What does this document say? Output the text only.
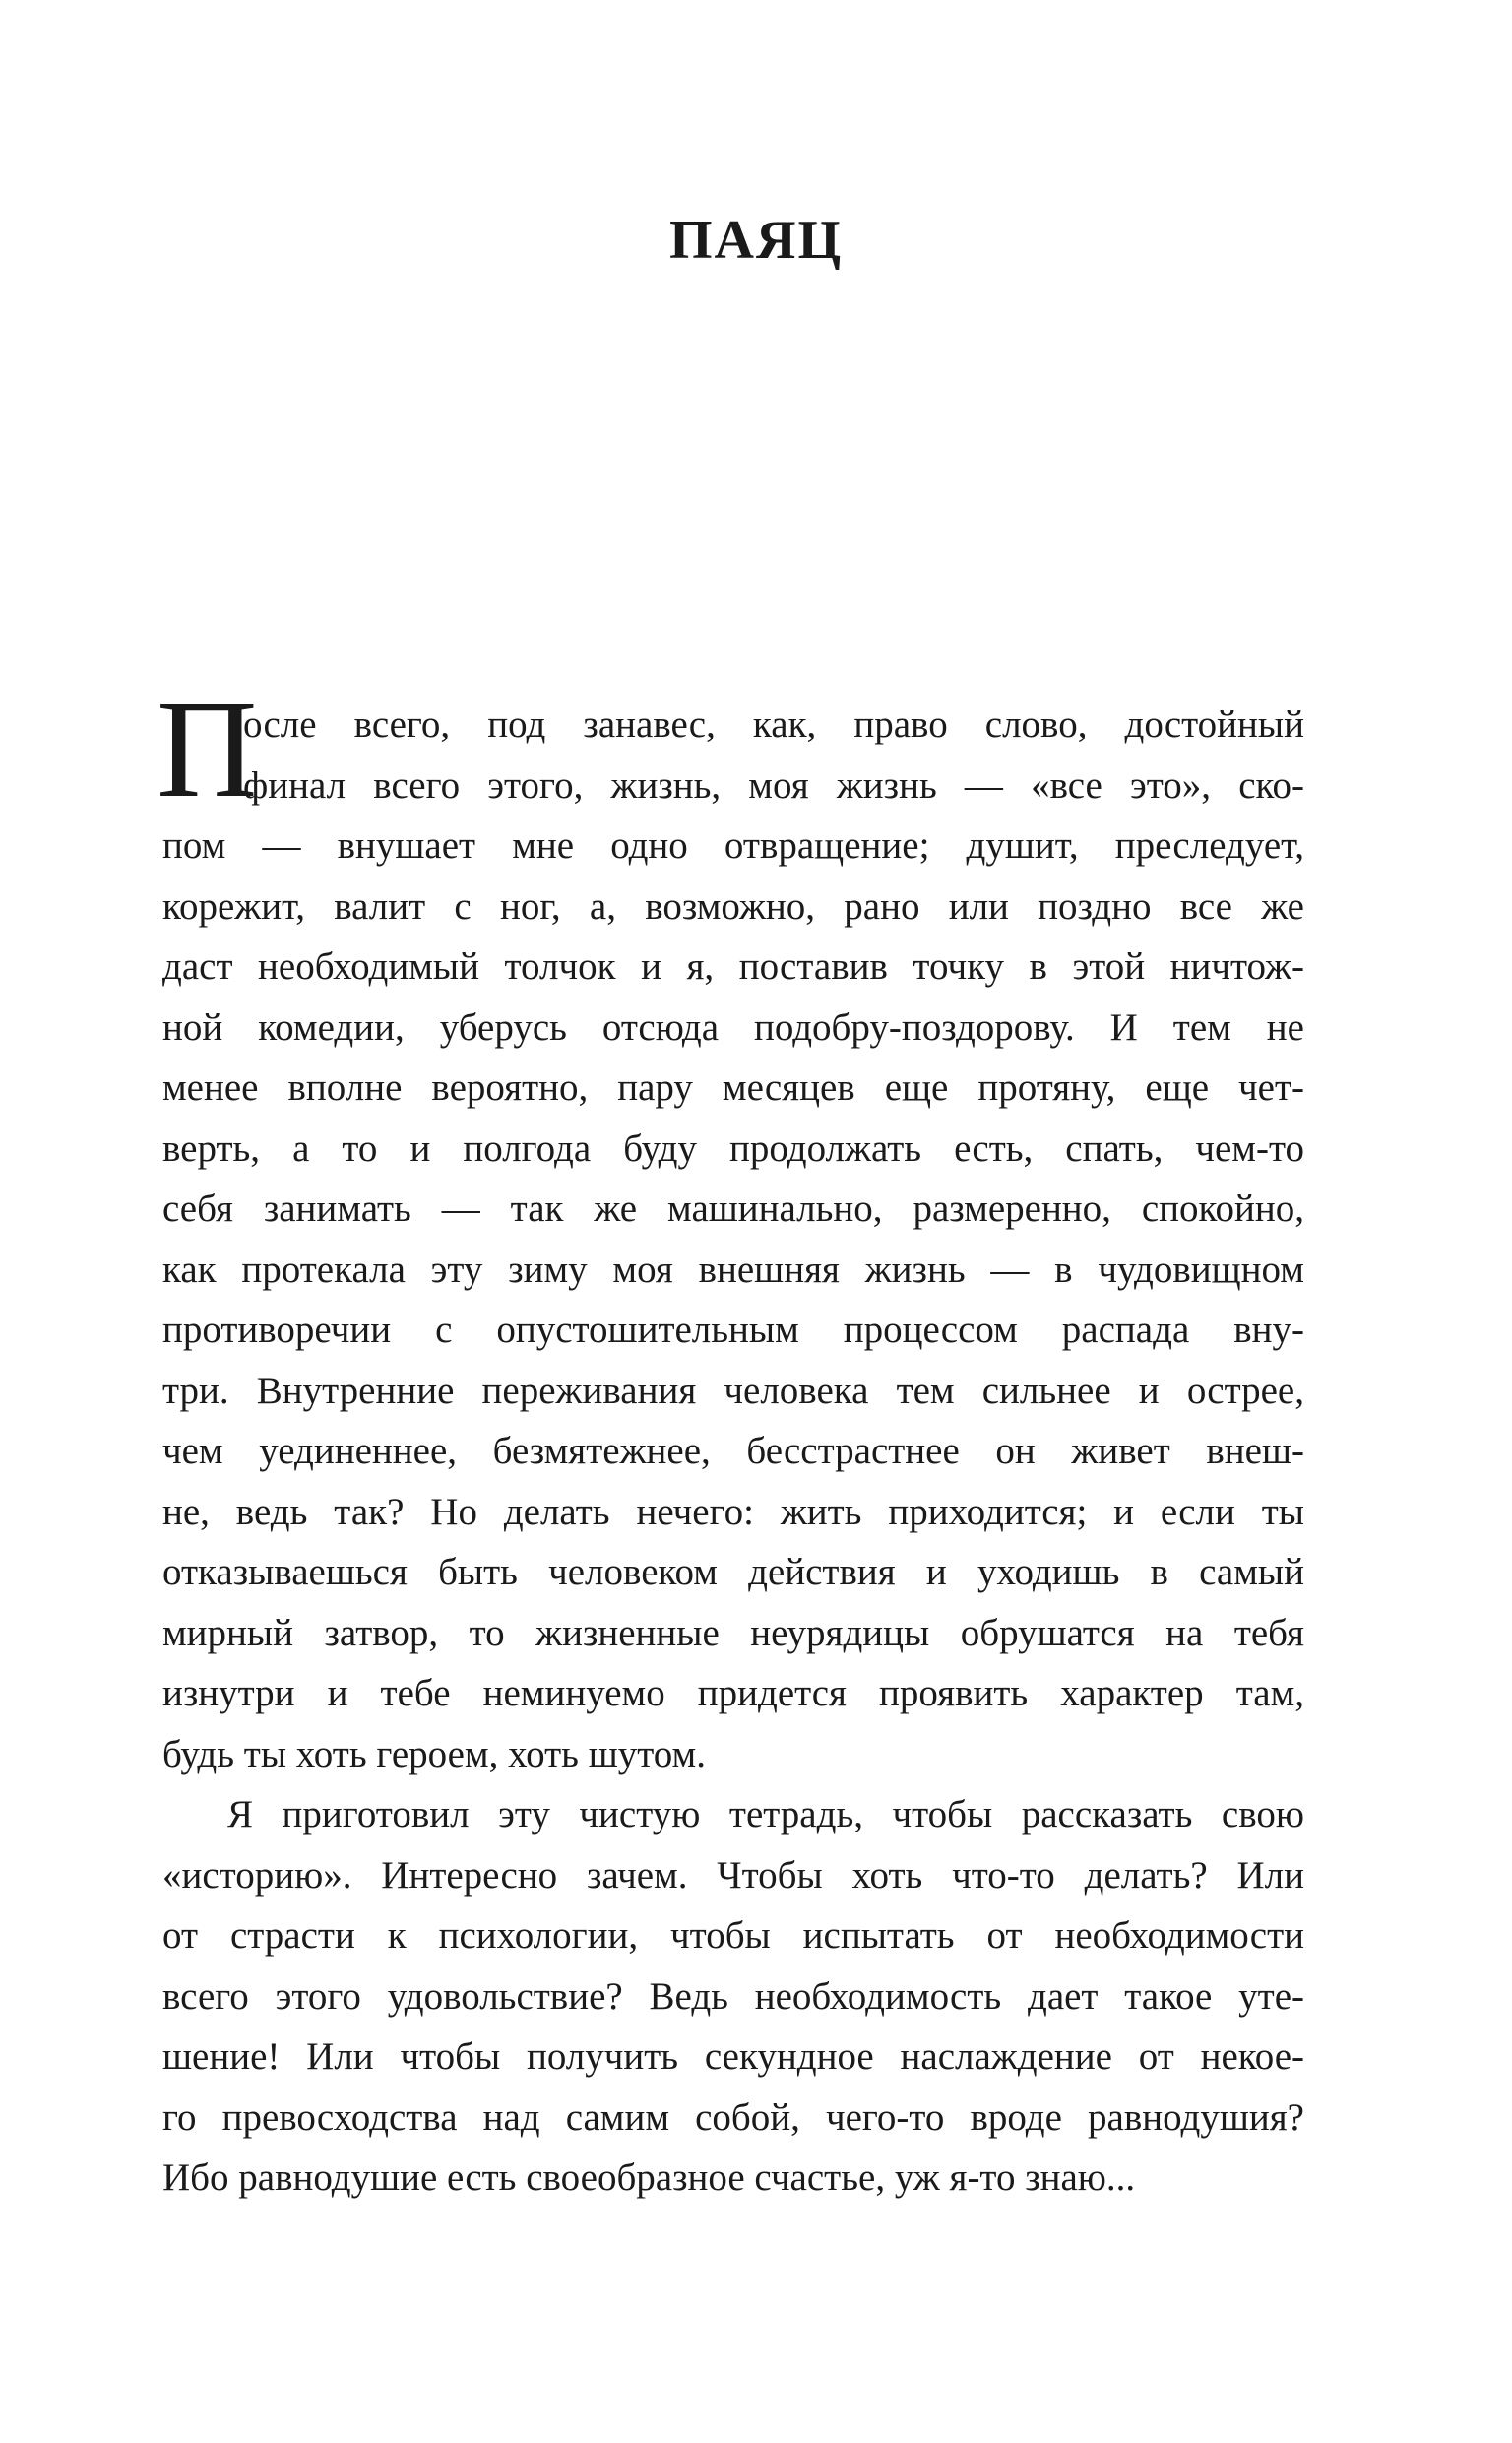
ПАЯЦ
П
осле всего, под занавес, как, право слово, достойный
финал всего этого, жизнь, моя жизнь — «все это», ско-
пом — внушает мне одно отвращение; душит, преследует,
корежит, валит с ног, а, возможно, рано или поздно все же
даст необходимый толчок и я, поставив точку в этой ничтож-
ной комедии, уберусь отсюда подобру-поздорову. И тем не
менее вполне вероятно, пару месяцев еще протяну, еще чет-
верть, а то и полгода буду продолжать есть, спать, чем-то
себя занимать — так же машинально, размеренно, спокойно,
как протекала эту зиму моя внешняя жизнь — в чудовищном
противоречии с опустошительным процессом распада вну-
три. Внутренние переживания человека тем сильнее и острее,
чем уединеннее, безмятежнее, бесстрастнее он живет внеш-
не, ведь так? Но делать нечего: жить приходится; и если ты
отказываешься быть человеком действия и уходишь в самый
мирный затвор, то жизненные неурядицы обрушатся на тебя
изнутри и тебе неминуемо придется проявить характер там,
будь ты хоть героем, хоть шутом.
Я приготовил эту чистую тетрадь, чтобы рассказать свою
«историю». Интересно зачем. Чтобы хоть что-то делать? Или
от страсти к психологии, чтобы испытать от необходимости
всего этого удовольствие? Ведь необходимость дает такое уте-
шение! Или чтобы получить секундное наслаждение от некое-
го превосходства над самим собой, чего-то вроде равнодушия?
Ибо равнодушие есть своеобразное счастье, уж я-то знаю...
